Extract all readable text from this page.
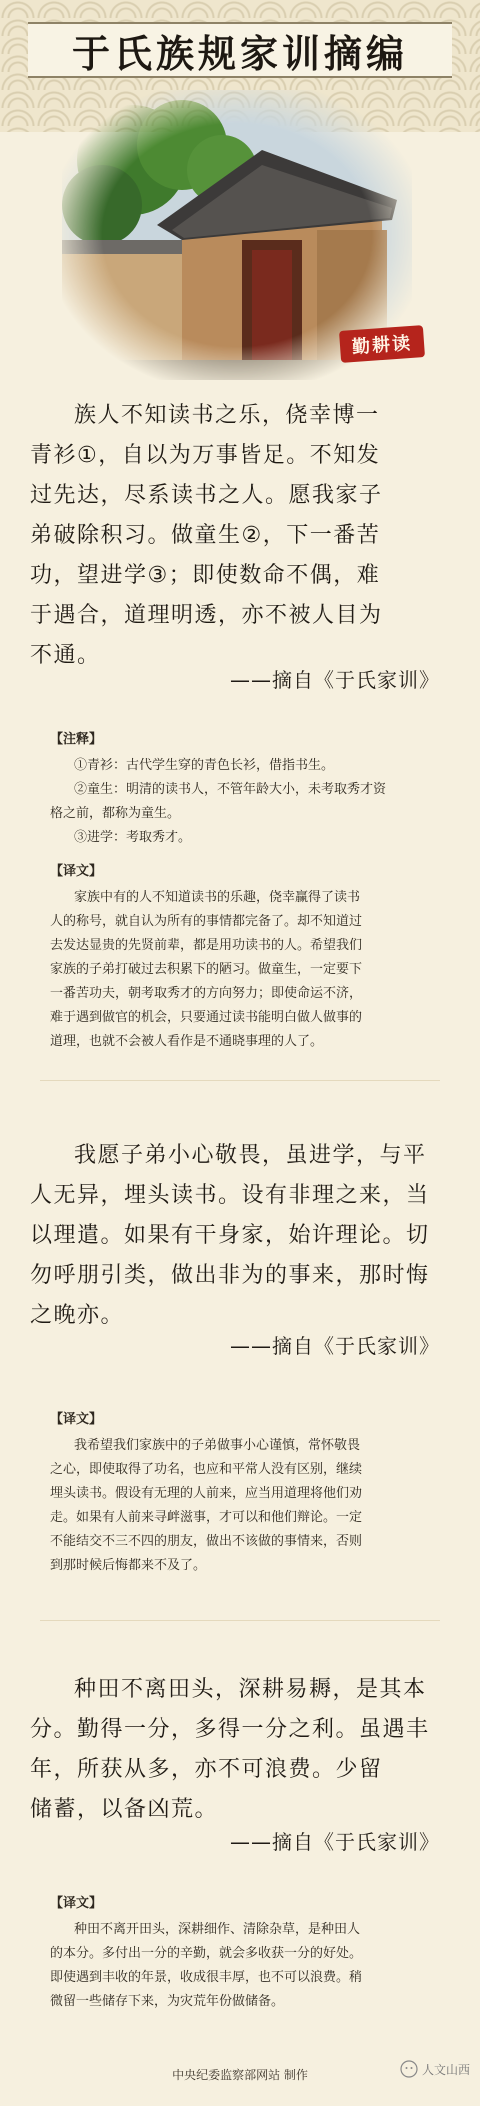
于氏族规家训摘编
勤耕读
族人不知读书之乐，侥幸博一
青衫①，自以为万事皆足。不知发
过先达，尽系读书之人。愿我家子
弟破除积习。做童生②，下一番苦
功，望进学③；即使数命不偶，难
于遇合，道理明透，亦不被人目为
不通。
——摘自《于氏家训》
【注释】
①青衫：古代学生穿的青色长衫，借指书生。
②童生：明清的读书人，不管年龄大小，未考取秀才资
格之前，都称为童生。
③进学：考取秀才。
【译文】
家族中有的人不知道读书的乐趣，侥幸赢得了读书
人的称号，就自认为所有的事情都完备了。却不知道过
去发达显贵的先贤前辈，都是用功读书的人。希望我们
家族的子弟打破过去积累下的陋习。做童生，一定要下
一番苦功夫，朝考取秀才的方向努力；即使命运不济，
难于遇到做官的机会，只要通过读书能明白做人做事的
道理，也就不会被人看作是不通晓事理的人了。
我愿子弟小心敬畏，虽进学，与平
人无异，埋头读书。设有非理之来，当
以理遣。如果有干身家，始许理论。切
勿呼朋引类，做出非为的事来，那时悔
之晚亦。
——摘自《于氏家训》
【译文】
我希望我们家族中的子弟做事小心谨慎，常怀敬畏
之心，即使取得了功名，也应和平常人没有区别，继续
埋头读书。假设有无理的人前来，应当用道理将他们劝
走。如果有人前来寻衅滋事，才可以和他们辩论。一定
不能结交不三不四的朋友，做出不该做的事情来，否则
到那时候后悔都来不及了。
种田不离田头，深耕易耨，是其本
分。勤得一分，多得一分之利。虽遇丰
年，所获从多，亦不可浪费。少留
储蓄，以备凶荒。
——摘自《于氏家训》
【译文】
种田不离开田头，深耕细作、清除杂草，是种田人
的本分。多付出一分的辛勤，就会多收获一分的好处。
即使遇到丰收的年景，收成很丰厚，也不可以浪费。稍
微留一些储存下来，为灾荒年份做储备。
中央纪委监察部网站 制作	人文山西
